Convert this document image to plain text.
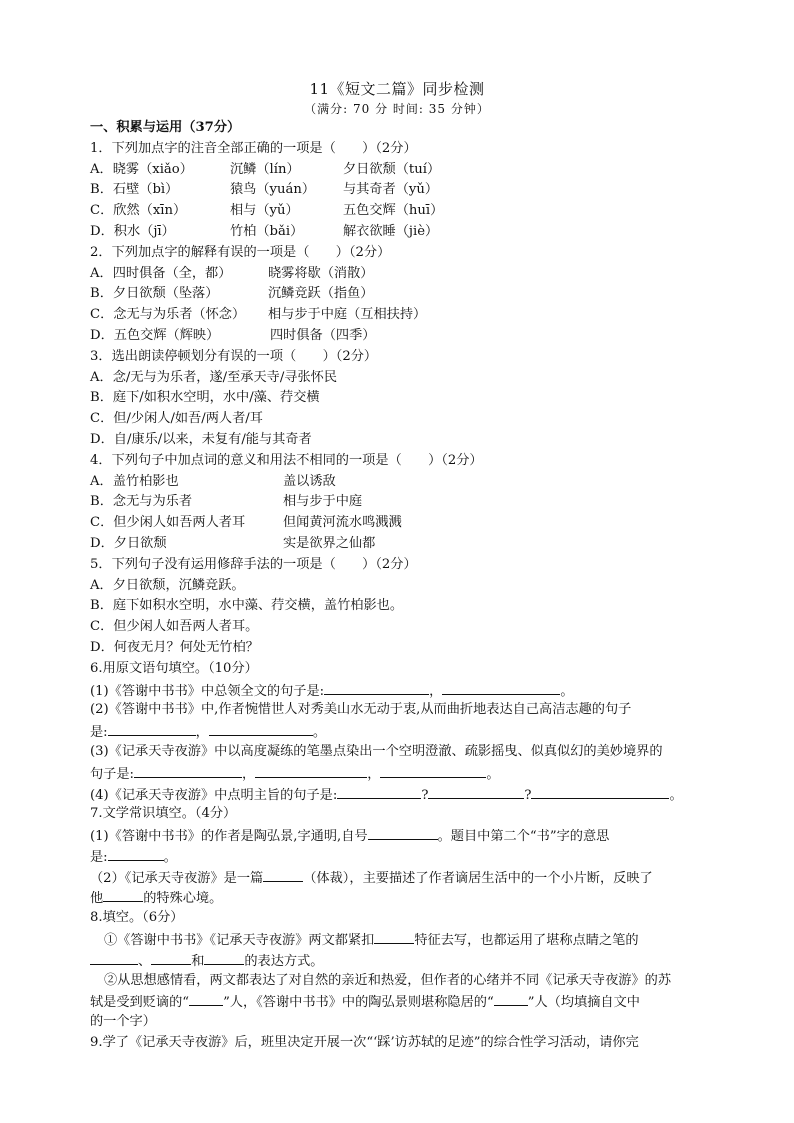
11《短文二篇》同步检测
（满分: 70 分 时间: 35 分钟）
一、积累与运用（37分）
1．下列加点字的注音全部正确的一项是（　　）（2分）
A．晓雾（xiǎo）	沉鳞（lín）	夕日欲颓（tuí）
B．石壁（bì）	猿鸟（yuán） 与其奇者（yǔ）
C．欣然（xīn）	相与（yǔ）	五色交辉（huī）
D．积水（jī）	竹柏（bǎi）	解衣欲睡（jiè）
2．下列加点字的解释有误的一项是（　　）（2分）
A．四时俱备（全，都）	晓雾将歇（消散）
B．夕日欲颓（坠落）	沉鳞竞跃（指鱼）
C．念无与为乐者（怀念） 相与步于中庭（互相扶持）
D．五色交辉（辉映）	四时俱备（四季）
3．选出朗读停顿划分有误的一项（　　）（2分）
A．念/无与为乐者，遂/至承天寺/寻张怀民
B．庭下/如积水空明，水中/藻、荇交横
C．但/少闲人/如吾/两人者/耳
D．自/康乐/以来，未复有/能与其奇者
4．下列句子中加点词的意义和用法不相同的一项是（　　）（2分）
A．盖竹柏影也	盖以诱敌
B．念无与为乐者	相与步于中庭
C．但少闲人如吾两人者耳	但闻黄河流水鸣溅溅
D．夕日欲颓	实是欲界之仙都
5．下列句子没有运用修辞手法的一项是（　　）（2分）
A．夕日欲颓，沉鳞竞跃。
B．庭下如积水空明，水中藻、荇交横，盖竹柏影也。
C．但少闲人如吾两人者耳。
D．何夜无月？何处无竹柏？
6.用原文语句填空。（10分）
(1)《答谢中书书》中总领全文的句子是:	，	。
(2)《答谢中书书》中,作者惋惜世人对秀美山水无动于衷,从而曲折地表达自己高洁志趣的句子
是:	，	。
(3)《记承天寺夜游》中以高度凝练的笔墨点染出一个空明澄澈、疏影摇曳、似真似幻的美妙境界的
句子是:	，	，	。
(4)《记承天寺夜游》中点明主旨的句子是:	?	?	。
7.文学常识填空。（4分）
(1)《答谢中书书》的作者是陶弘景,字通明,自号	。题目中第二个“书”字的意思
是:	。
（2）《记承天寺夜游》是一篇	（体裁），主要描述了作者谪居生活中的一个小片断，反映了
他	的特殊心境。
8.填空。（6分）
①《答谢中书书》《记承天寺夜游》两文都紧扣	特征去写，也都运用了堪称点睛之笔的
、	和	的表达方式。
②从思想感情看，两文都表达了对自然的亲近和热爱，但作者的心绪并不同《记承天寺夜游》的苏
轼是受到贬谪的“	”人，《答谢中书书》中的陶弘景则堪称隐居的“	”人（均填摘自文中
的一个字）
9.学了《记承天寺夜游》后，班里决定开展一次“‘踩’访苏轼的足迹”的综合性学习活动，请你完
